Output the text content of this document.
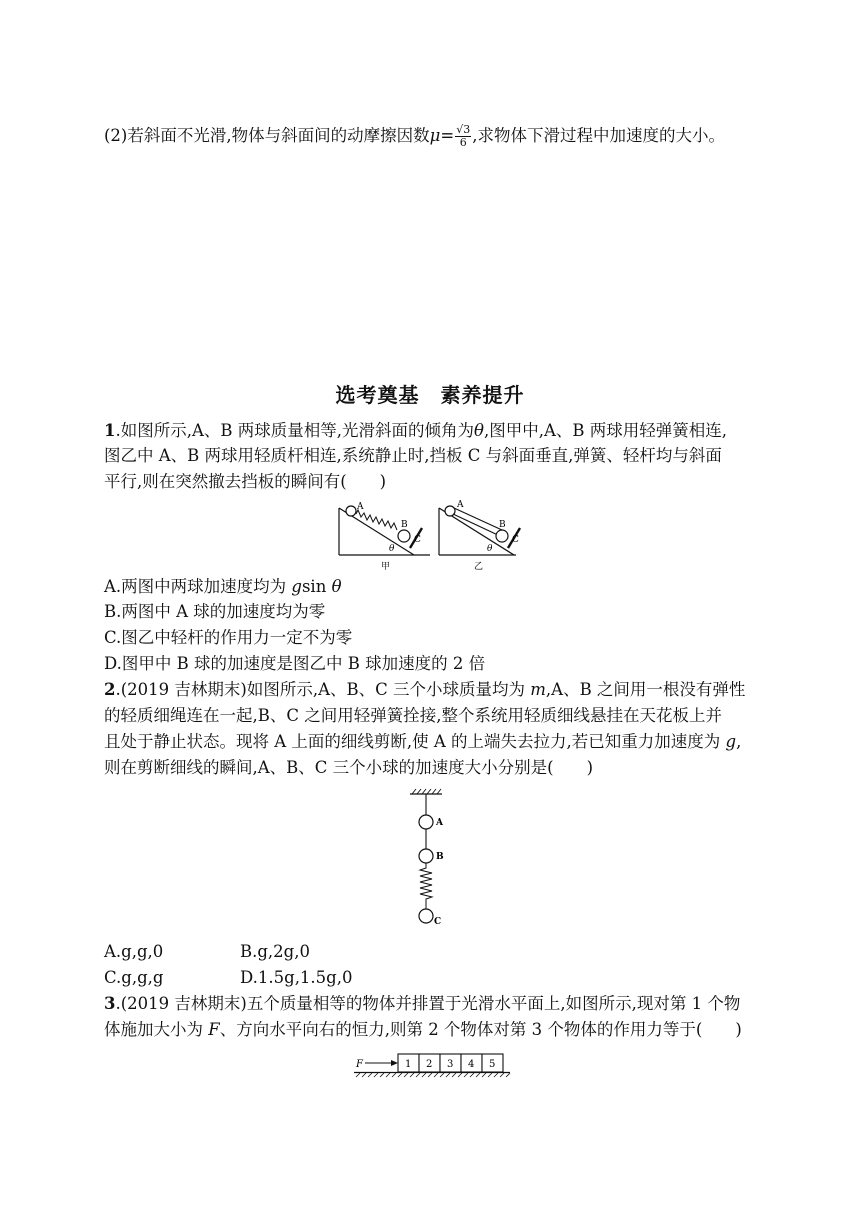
(2)若斜面不光滑,物体与斜面间的动摩擦因数$\mu= \frac{√3}{6}$ ,求物体下滑过程中加速度的大小。
选考奠基　素养提升
1.如图所示,A、B 两球质量相等,光滑斜面的倾角为θ,图甲中,A、B 两球用轻弹簧相连,
图乙中 A、B 两球用轻质杆相连,系统静止时,挡板 C 与斜面垂直,弹簧、轻杆均与斜面
平行,则在突然撤去挡板的瞬间有(　　)
A
B
C
θ
甲
A
B
C
θ
乙
A.两图中两球加速度均为 gsin θ
B.两图中 A 球的加速度均为零
C.图乙中轻杆的作用力一定不为零
D.图甲中 B 球的加速度是图乙中 B 球加速度的 2 倍
2.(2019 吉林期末)如图所示,A、B、C 三个小球质量均为 m,A、B 之间用一根没有弹性
的轻质细绳连在一起,B、C 之间用轻弹簧拴接,整个系统用轻质细线悬挂在天花板上并
且处于静止状态。现将 A 上面的细线剪断,使 A 的上端失去拉力,若已知重力加速度为 g,
则在剪断细线的瞬间,A、B、C 三个小球的加速度大小分别是(　　)
A
B
C
A.g,g,0	B.g,2g,0
C.g,g,g	D.1.5g,1.5g,0
3.(2019 吉林期末)五个质量相等的物体并排置于光滑水平面上,如图所示,现对第 1 个物
体施加大小为 F、方向水平向右的恒力,则第 2 个物体对第 3 个物体的作用力等于(　　)
F	1 2 3 4 5
